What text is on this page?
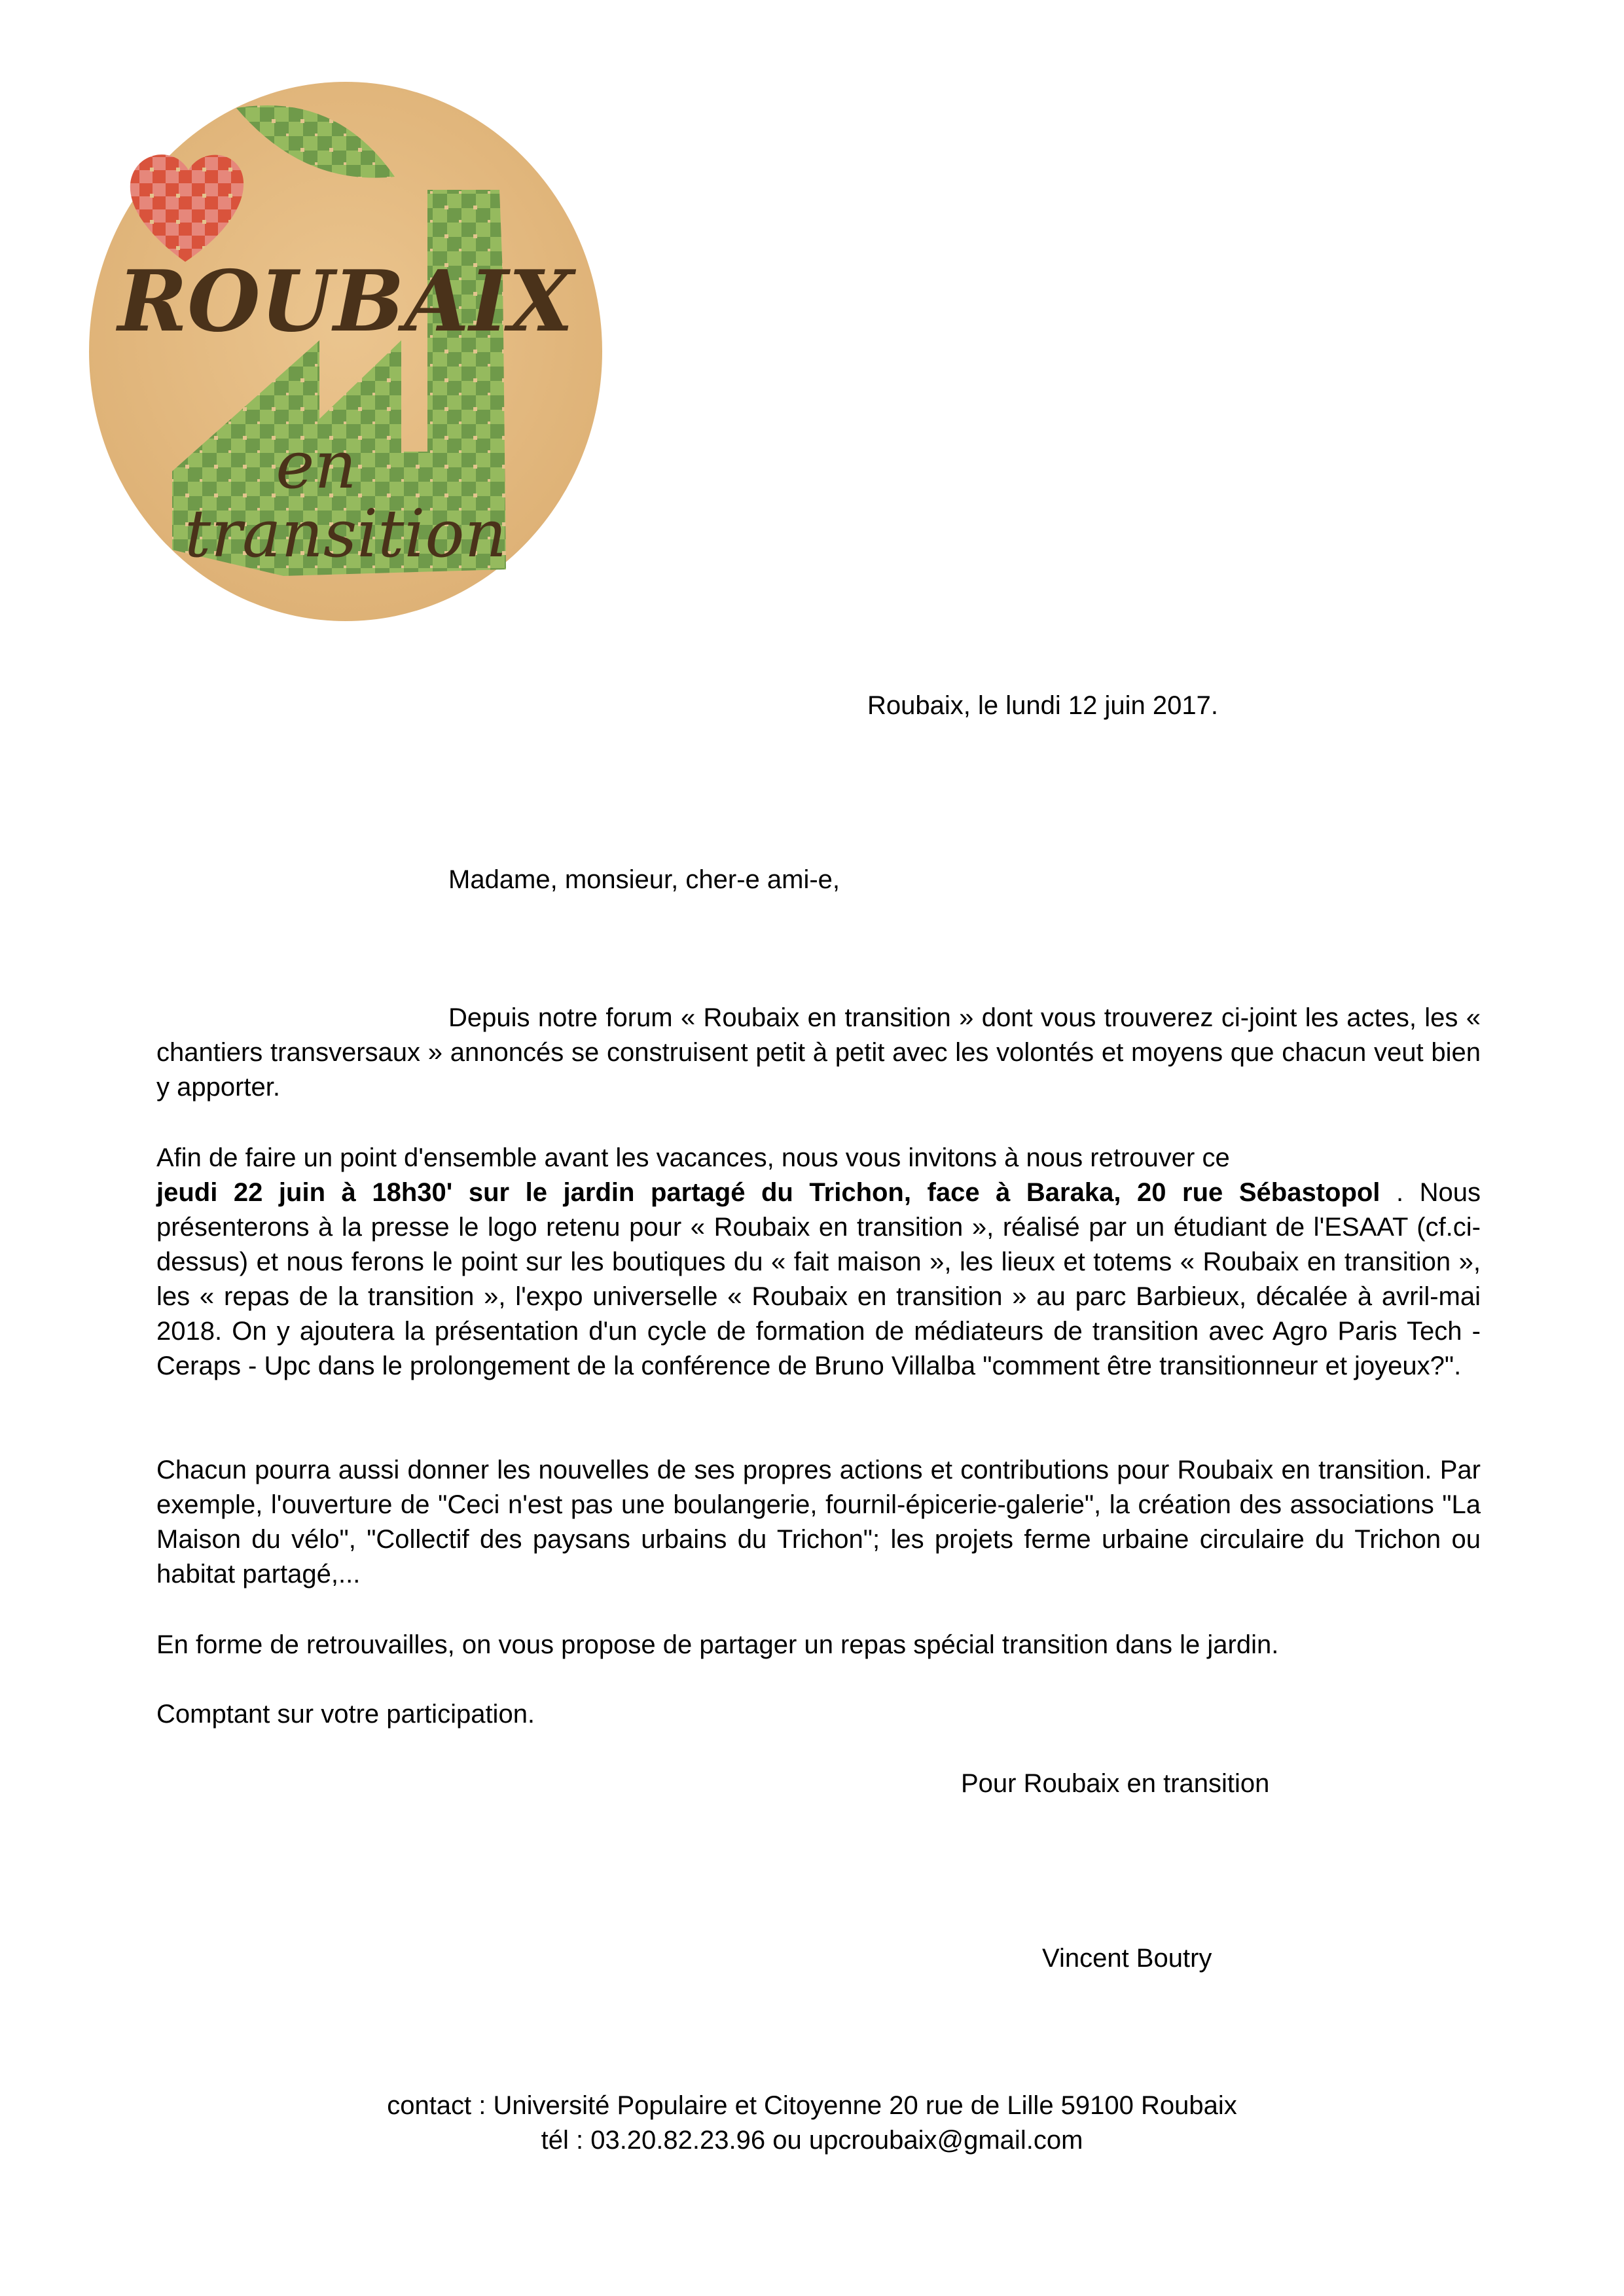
ROUBAIX
en
transition
Roubaix, le lundi 12 juin 2017.
Madame, monsieur, cher-e ami-e,
Depuis notre forum « Roubaix en transition » dont vous trouverez ci-joint les actes, les « chantiers transversaux » annoncés se construisent petit à petit avec les volontés et moyens que chacun veut bien y apporter.
Afin de faire un point d'ensemble avant les vacances, nous vous invitons à nous retrouver ce
jeudi 22 juin à 18h30' sur le jardin partagé du Trichon, face à Baraka, 20 rue Sébastopol . Nous présenterons à la presse le logo retenu pour « Roubaix en transition », réalisé par un étudiant de l'ESAAT (cf.ci-dessus) et nous ferons le point sur les boutiques du « fait maison », les lieux et totems « Roubaix en transition », les « repas de la transition », l'expo universelle « Roubaix en transition » au parc Barbieux, décalée à avril-mai 2018. On y ajoutera la présentation d'un cycle de formation de médiateurs de transition avec Agro Paris Tech - Ceraps - Upc dans le prolongement de la conférence de Bruno Villalba "comment être transitionneur et joyeux?".
Chacun pourra aussi donner les nouvelles de ses propres actions et contributions pour Roubaix en transition. Par exemple, l'ouverture de "Ceci n'est pas une boulangerie, fournil-épicerie-galerie", la création des associations "La Maison du vélo", "Collectif des paysans urbains du Trichon"; les projets ferme urbaine circulaire du Trichon ou habitat partagé,...
En forme de retrouvailles, on vous propose de partager un repas spécial transition dans le jardin.
Comptant sur votre participation.
Pour Roubaix en transition
Vincent Boutry
contact : Université Populaire et Citoyenne 20 rue de Lille 59100 Roubaix
tél : 03.20.82.23.96 ou upcroubaix@gmail.com
